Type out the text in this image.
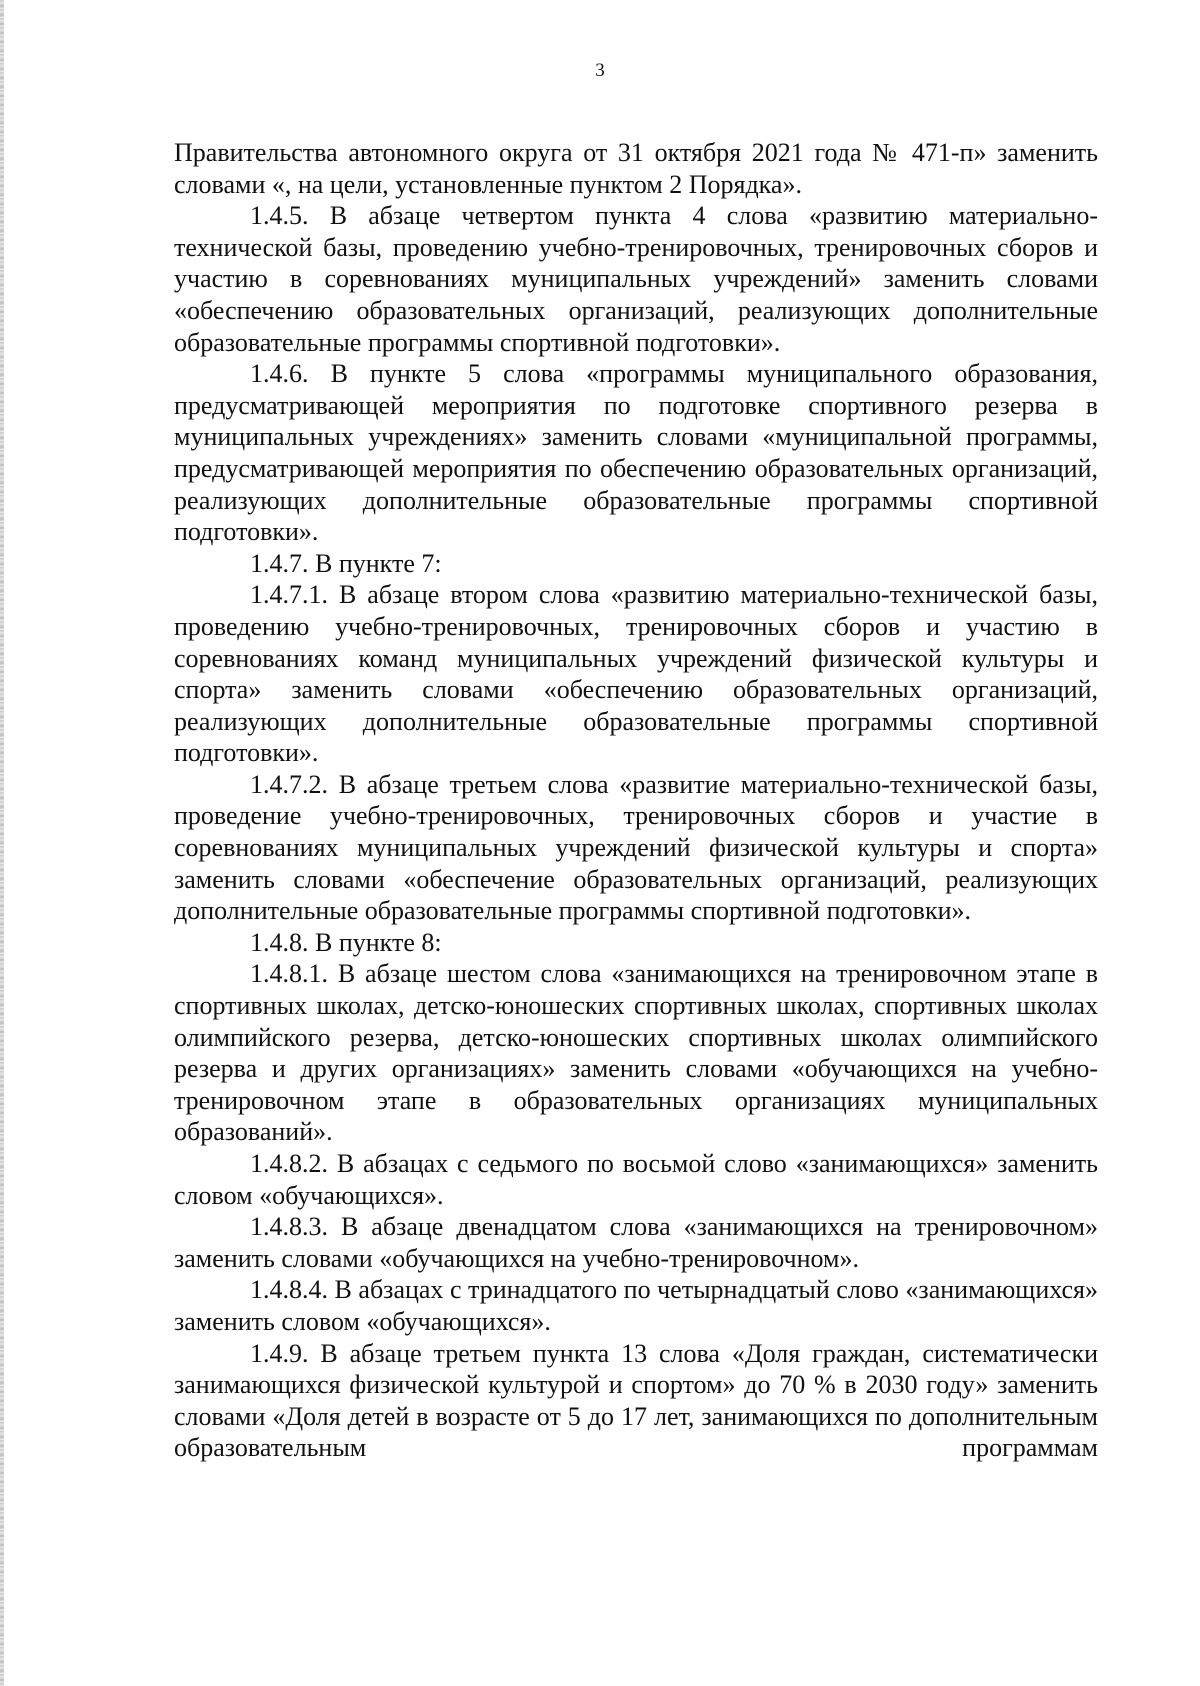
3

Правительства автономного округа от 31 октября 2021 года № 471-п» заменить словами «, на цели, установленные пунктом 2 Порядка».

1.4.5. В абзаце четвертом пункта 4 слова «развитию материально-технической базы, проведению учебно-тренировочных, тренировочных сборов и участию в соревнованиях муниципальных учреждений» заменить словами «обеспечению образовательных организаций, реализующих дополнительные образовательные программы спортивной подготовки».

1.4.6. В пункте 5 слова «программы муниципального образования, предусматривающей мероприятия по подготовке спортивного резерва в муниципальных учреждениях» заменить словами «муниципальной программы, предусматривающей мероприятия по обеспечению образовательных организаций, реализующих дополнительные образовательные программы спортивной подготовки».

1.4.7. В пункте 7:

1.4.7.1. В абзаце втором слова «развитию материально-технической базы, проведению учебно-тренировочных, тренировочных сборов и участию в соревнованиях команд муниципальных учреждений физической культуры и спорта» заменить словами «обеспечению образовательных организаций, реализующих дополнительные образовательные программы спортивной подготовки».

1.4.7.2. В абзаце третьем слова «развитие материально-технической базы, проведение учебно-тренировочных, тренировочных сборов и участие в соревнованиях муниципальных учреждений физической культуры и спорта» заменить словами «обеспечение образовательных организаций, реализующих дополнительные образовательные программы спортивной подготовки».

1.4.8. В пункте 8:

1.4.8.1. В абзаце шестом слова «занимающихся на тренировочном этапе в спортивных школах, детско-юношеских спортивных школах, спортивных школах олимпийского резерва, детско-юношеских спортивных школах олимпийского резерва и других организациях» заменить словами «обучающихся на учебно-тренировочном этапе в образовательных организациях муниципальных образований».

1.4.8.2. В абзацах с седьмого по восьмой слово «занимающихся» заменить словом «обучающихся».

1.4.8.3. В абзаце двенадцатом слова «занимающихся на тренировочном» заменить словами «обучающихся на учебно-тренировочном».

1.4.8.4. В абзацах с тринадцатого по четырнадцатый слово «занимающихся» заменить словом «обучающихся».

1.4.9. В абзаце третьем пункта 13 слова «Доля граждан, систематически занимающихся физической культурой и спортом» до 70 % в 2030 году» заменить словами «Доля детей в возрасте от 5 до 17 лет, занимающихся по дополнительным образовательным программам
